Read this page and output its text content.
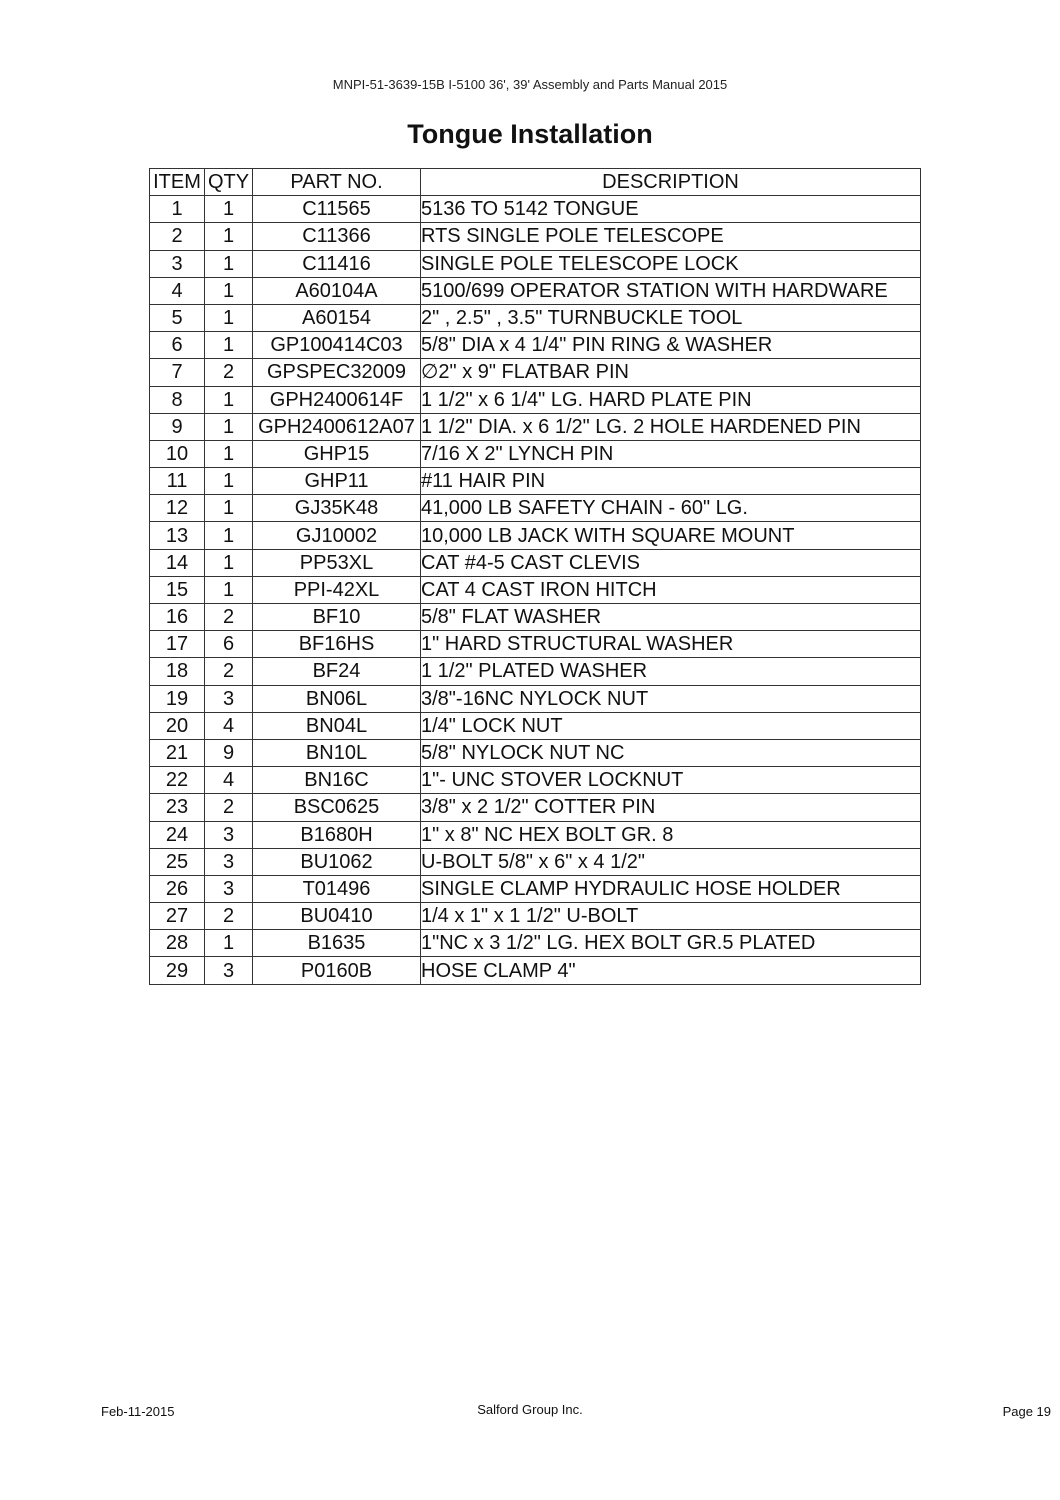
MNPI-51-3639-15B I-5100 36', 39' Assembly and Parts Manual 2015
Tongue Installation
ITEM	QTY	PART NO.	DESCRIPTION
1	1	C11565	5136 TO 5142 TONGUE
2	1	C11366	RTS SINGLE POLE TELESCOPE
3	1	C11416	SINGLE POLE TELESCOPE LOCK
4	1	A60104A	5100/699 OPERATOR STATION WITH HARDWARE
5	1	A60154	2" , 2.5" , 3.5" TURNBUCKLE TOOL
6	1	GP100414C03	5/8" DIA x 4 1/4" PIN RING & WASHER
7	2	GPSPEC32009	∅2" x 9" FLATBAR PIN
8	1	GPH2400614F	1 1/2" x 6 1/4" LG. HARD PLATE PIN
9	1	GPH2400612A07	1 1/2" DIA. x 6 1/2" LG. 2 HOLE HARDENED PIN
10	1	GHP15	7/16 X 2" LYNCH PIN
11	1	GHP11	#11 HAIR PIN
12	1	GJ35K48	41,000 LB SAFETY CHAIN - 60" LG.
13	1	GJ10002	10,000 LB JACK WITH SQUARE MOUNT
14	1	PP53XL	CAT #4-5 CAST CLEVIS
15	1	PPI-42XL	CAT 4 CAST IRON HITCH
16	2	BF10	5/8" FLAT WASHER
17	6	BF16HS	1" HARD STRUCTURAL WASHER
18	2	BF24	1 1/2" PLATED WASHER
19	3	BN06L	3/8"-16NC NYLOCK NUT
20	4	BN04L	1/4" LOCK NUT
21	9	BN10L	5/8" NYLOCK NUT NC
22	4	BN16C	1"- UNC STOVER LOCKNUT
23	2	BSC0625	3/8" x 2 1/2" COTTER PIN
24	3	B1680H	1" x 8" NC HEX BOLT GR. 8
25	3	BU1062	U-BOLT 5/8" x 6" x 4 1/2"
26	3	T01496	SINGLE CLAMP HYDRAULIC HOSE HOLDER
27	2	BU0410	1/4 x 1" x 1 1/2" U-BOLT
28	1	B1635	1"NC x 3 1/2" LG. HEX BOLT GR.5 PLATED
29	3	P0160B	HOSE CLAMP 4"
Feb-11-2015	Salford Group Inc.	Page 19
